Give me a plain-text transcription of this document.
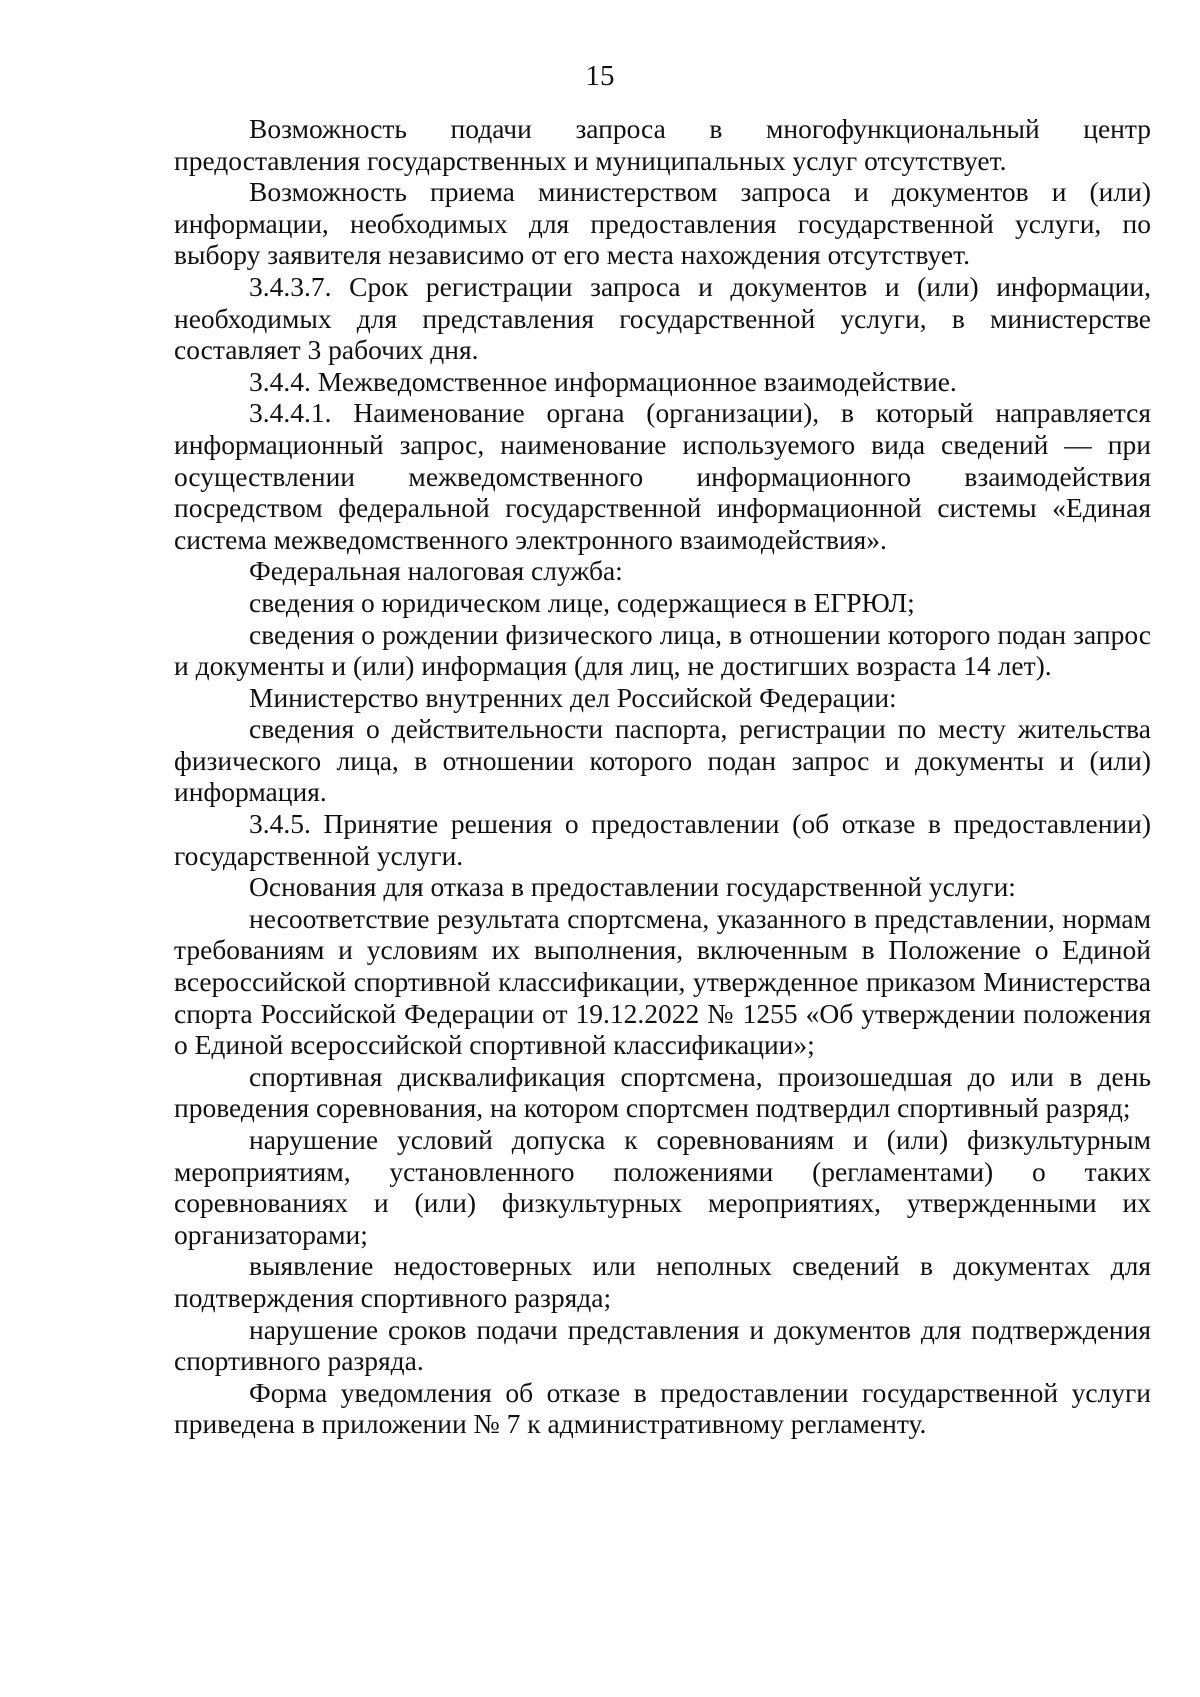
15

Возможность подачи запроса в многофункциональный центр предоставления государственных и муниципальных услуг отсутствует.

Возможность приема министерством запроса и документов и (или) информации, необходимых для предоставления государственной услуги, по выбору заявителя независимо от его места нахождения отсутствует.

3.4.3.7. Срок регистрации запроса и документов и (или) информации, необходимых для представления государственной услуги, в министерстве составляет 3 рабочих дня.

3.4.4. Межведомственное информационное взаимодействие.

3.4.4.1. Наименование органа (организации), в который направляется информационный запрос, наименование используемого вида сведений — при осуществлении межведомственного информационного взаимодействия посредством федеральной государственной информационной системы «Единая система межведомственного электронного взаимодействия».

Федеральная налоговая служба:

сведения о юридическом лице, содержащиеся в ЕГРЮЛ;

сведения о рождении физического лица, в отношении которого подан запрос и документы и (или) информация (для лиц, не достигших возраста 14 лет).

Министерство внутренних дел Российской Федерации:

сведения о действительности паспорта, регистрации по месту жительства физического лица, в отношении которого подан запрос и документы и (или) информация.

3.4.5. Принятие решения о предоставлении (об отказе в предоставлении) государственной услуги.

Основания для отказа в предоставлении государственной услуги:

несоответствие результата спортсмена, указанного в представлении, нормам требованиям и условиям их выполнения, включенным в Положение о Единой всероссийской спортивной классификации, утвержденное приказом Министерства спорта Российской Федерации от 19.12.2022 № 1255 «Об утверждении положения о Единой всероссийской спортивной классификации»;

спортивная дисквалификация спортсмена, произошедшая до или в день проведения соревнования, на котором спортсмен подтвердил спортивный разряд;

нарушение условий допуска к соревнованиям и (или) физкультурным мероприятиям, установленного положениями (регламентами) о таких соревнованиях и (или) физкультурных мероприятиях, утвержденными их организаторами;

выявление недостоверных или неполных сведений в документах для подтверждения спортивного разряда;

нарушение сроков подачи представления и документов для подтверждения спортивного разряда.

Форма уведомления об отказе в предоставлении государственной услуги приведена в приложении № 7 к административному регламенту.
